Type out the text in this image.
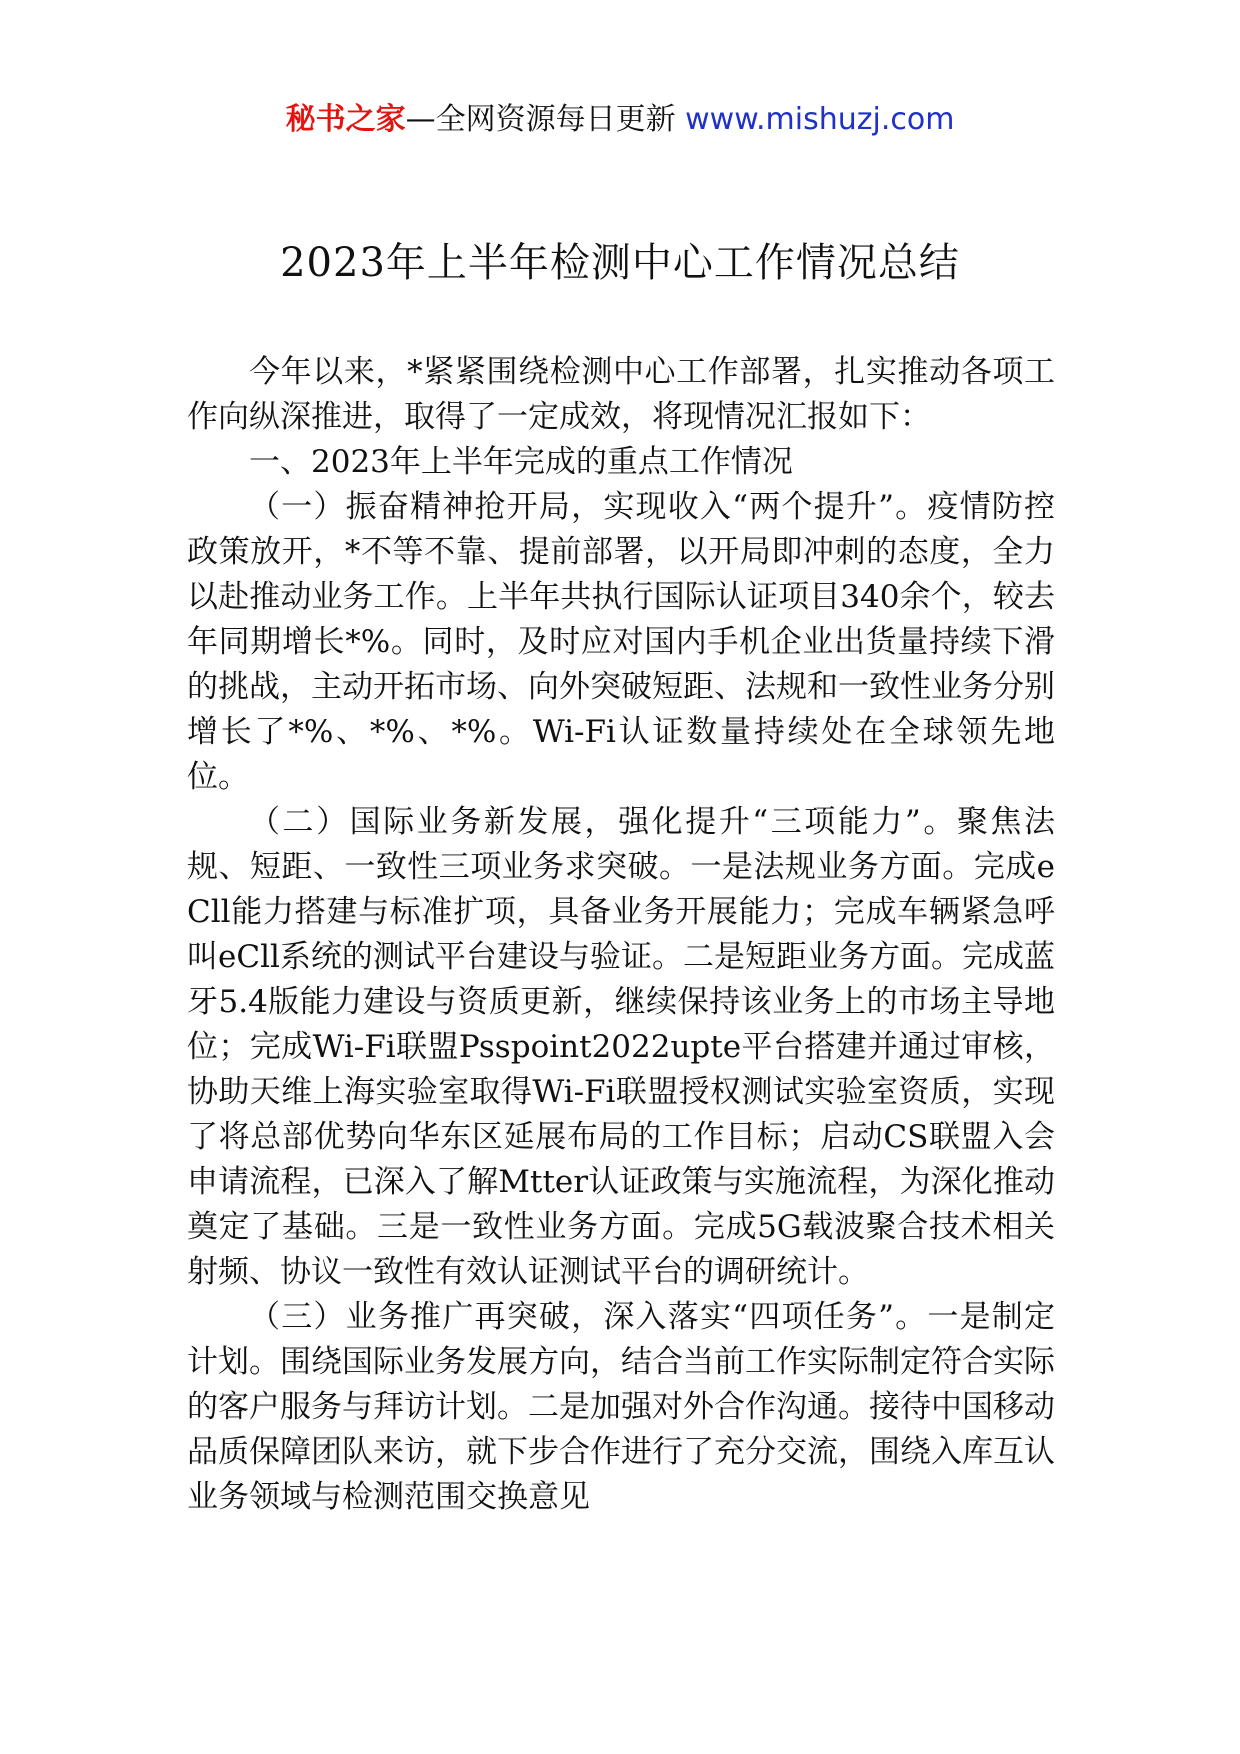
秘书之家—全网资源每日更新 www.mishuzj.com
2023年上半年检测中心工作情况总结

今年以来，*紧紧围绕检测中心工作部署，扎实推动各项工作向纵深推进，取得了一定成效，将现情况汇报如下：

一、2023年上半年完成的重点工作情况

（一）振奋精神抢开局，实现收入“两个提升”。疫情防控政策放开，*不等不靠、提前部署，以开局即冲刺的态度，全力以赴推动业务工作。上半年共执行国际认证项目340余个，较去年同期增长*%。同时，及时应对国内手机企业出货量持续下滑的挑战，主动开拓市场、向外突破短距、法规和一致性业务分别增长了*%、*%、*%。Wi-Fi认证数量持续处在全球领先地位。

（二）国际业务新发展，强化提升“三项能力”。聚焦法规、短距、一致性三项业务求突破。一是法规业务方面。完成eCll能力搭建与标准扩项，具备业务开展能力；完成车辆紧急呼叫eCll系统的测试平台建设与验证。二是短距业务方面。完成蓝牙5.4版能力建设与资质更新，继续保持该业务上的市场主导地位；完成Wi-Fi联盟Psspoint2022upte平台搭建并通过审核，协助天维上海实验室取得Wi-Fi联盟授权测试实验室资质，实现了将总部优势向华东区延展布局的工作目标；启动CS联盟入会申请流程，已深入了解Mtter认证政策与实施流程，为深化推动奠定了基础。三是一致性业务方面。完成5G载波聚合技术相关射频、协议一致性有效认证测试平台的调研统计。

（三）业务推广再突破，深入落实“四项任务”。一是制定计划。围绕国际业务发展方向，结合当前工作实际制定符合实际的客户服务与拜访计划。二是加强对外合作沟通。接待中国移动品质保障团队来访，就下步合作进行了充分交流，围绕入库互认业务领域与检测范围交换意见
